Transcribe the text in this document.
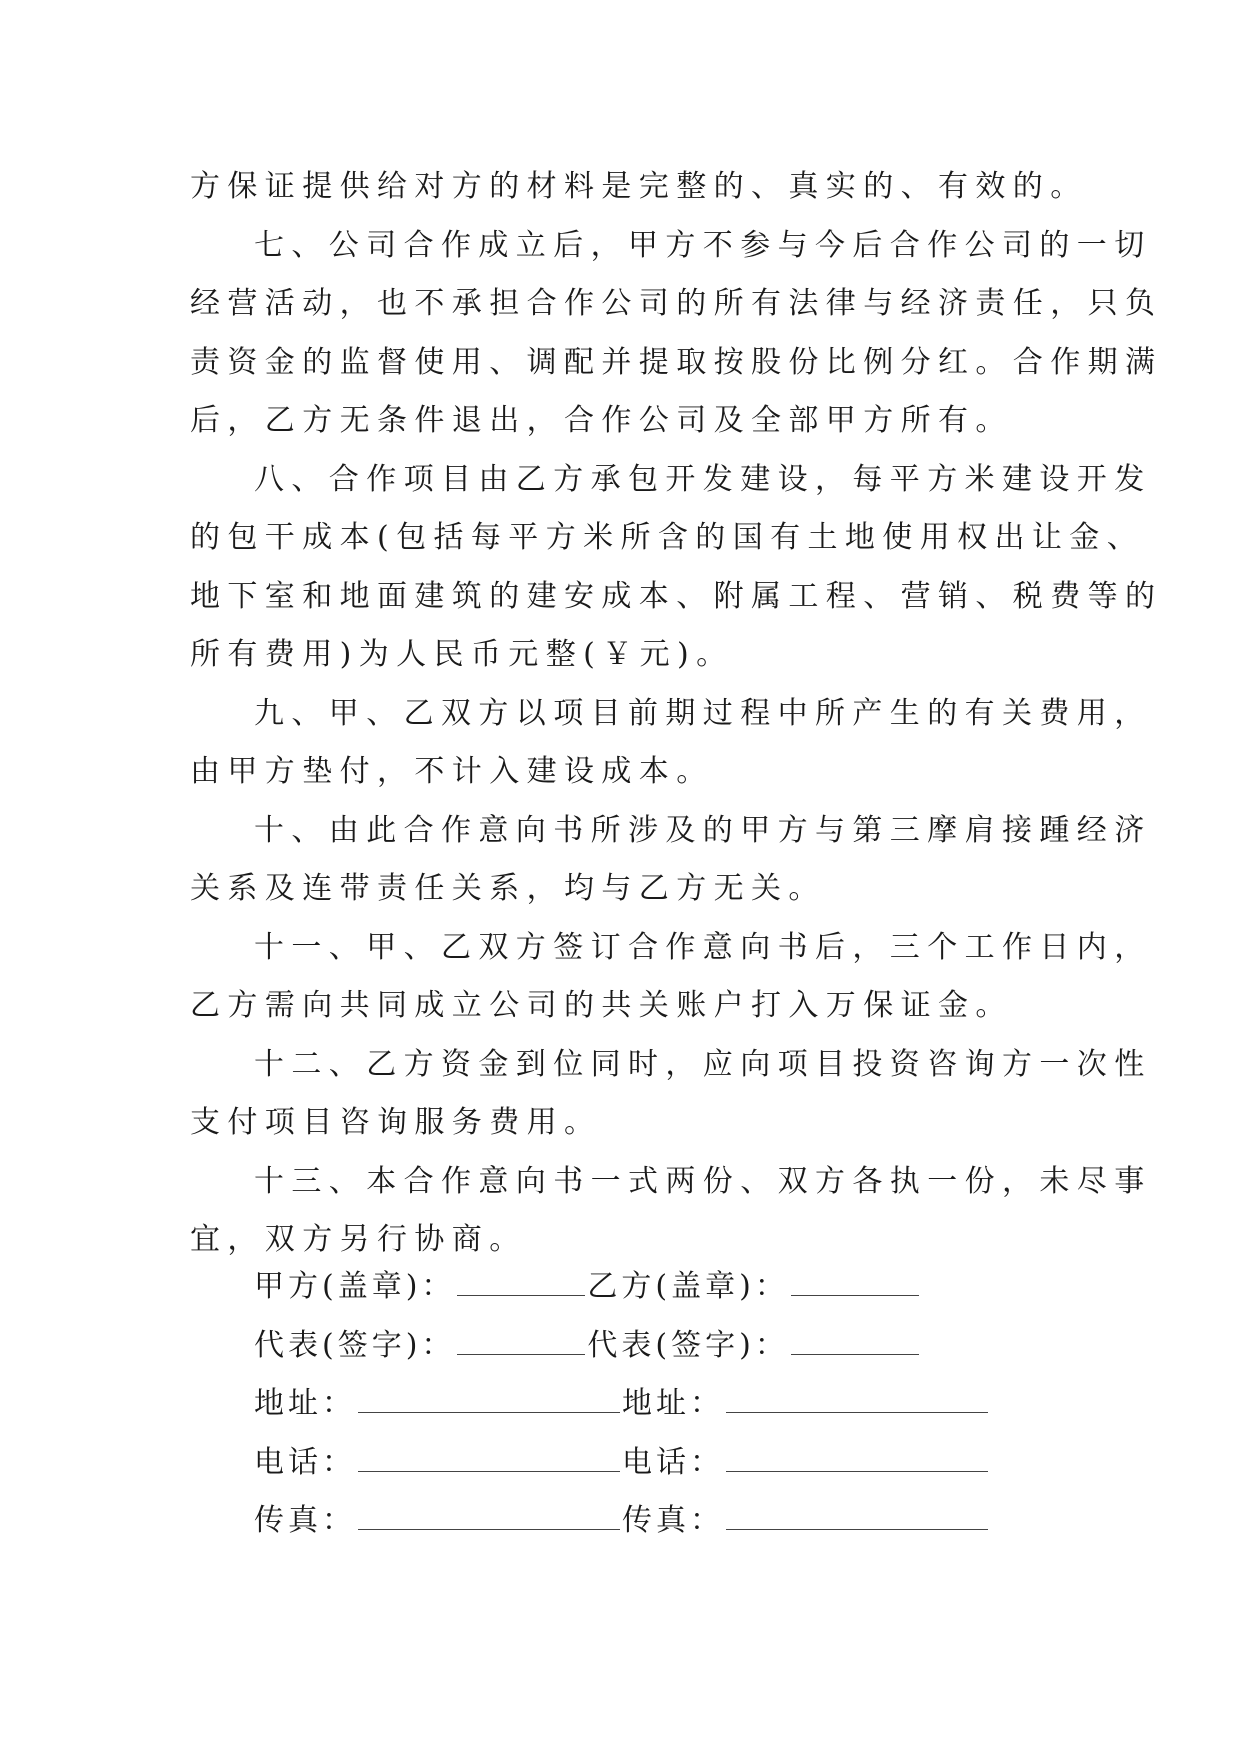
方保证提供给对方的材料是完整的、真实的、有效的。
七、公司合作成立后，甲方不参与今后合作公司的一切
经营活动，也不承担合作公司的所有法律与经济责任，只负
责资金的监督使用、调配并提取按股份比例分红。合作期满
后，乙方无条件退出，合作公司及全部甲方所有。
八、合作项目由乙方承包开发建设，每平方米建设开发
的包干成本(包括每平方米所含的国有土地使用权出让金、
地下室和地面建筑的建安成本、附属工程、营销、税费等的
所有费用)为人民币元整(￥元)。
九、甲、乙双方以项目前期过程中所产生的有关费用，
由甲方垫付，不计入建设成本。
十、由此合作意向书所涉及的甲方与第三摩肩接踵经济
关系及连带责任关系，均与乙方无关。
十一、甲、乙双方签订合作意向书后，三个工作日内，
乙方需向共同成立公司的共关账户打入万保证金。
十二、乙方资金到位同时，应向项目投资咨询方一次性
支付项目咨询服务费用。
十三、本合作意向书一式两份、双方各执一份，未尽事
宜，双方另行协商。
甲方(盖章)：	乙方(盖章)：
代表(签字)：	代表(签字)：
地址：	地址：
电话：	电话：
传真：	传真：
